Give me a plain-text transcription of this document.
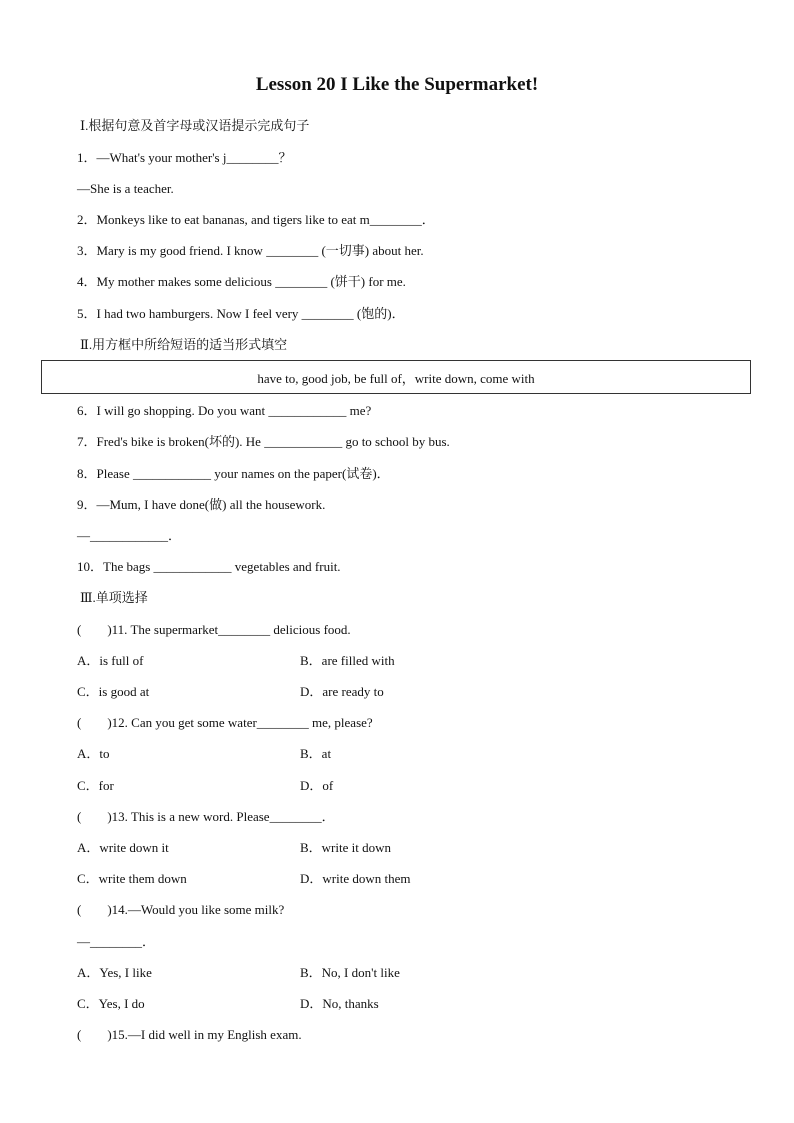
Lesson 20 I Like the Supermarket!
Ⅰ.根据句意及首字母或汉语提示完成句子
1．—What's your mother's j________？
—She is a teacher.
2．Monkeys like to eat bananas, and tigers like to eat m________．
3．Mary is my good friend. I know ________ (一切事) about her.
4．My mother makes some delicious ________ (饼干) for me.
5．I had two hamburgers. Now I feel very ________ (饱的)．
Ⅱ.用方框中所给短语的适当形式填空
have to, good job, be full of，write down, come with
6．I will go shopping. Do you want ____________ me?
7．Fred's bike is broken(坏的). He ____________ go to school by bus.
8．Please ____________ your names on the paper(试卷)．
9．—Mum, I have done(做) all the housework.
—____________．
10．The bags ____________ vegetables and fruit.
Ⅲ.单项选择
(　　)11. The supermarket________ delicious food.
A．is full of	B．are filled with
C．is good at	D．are ready to
(　　)12. Can you get some water________ me, please?
A．to	B．at
C．for	D．of
(　　)13. This is a new word. Please________．
A．write down it	B．write it down
C．write them down	D．write down them
(　　)14.—Would you like some milk?
—________．
A．Yes, I like	B．No, I don't like
C．Yes, I do	D．No, thanks
(　　)15.—I did well in my English exam.
